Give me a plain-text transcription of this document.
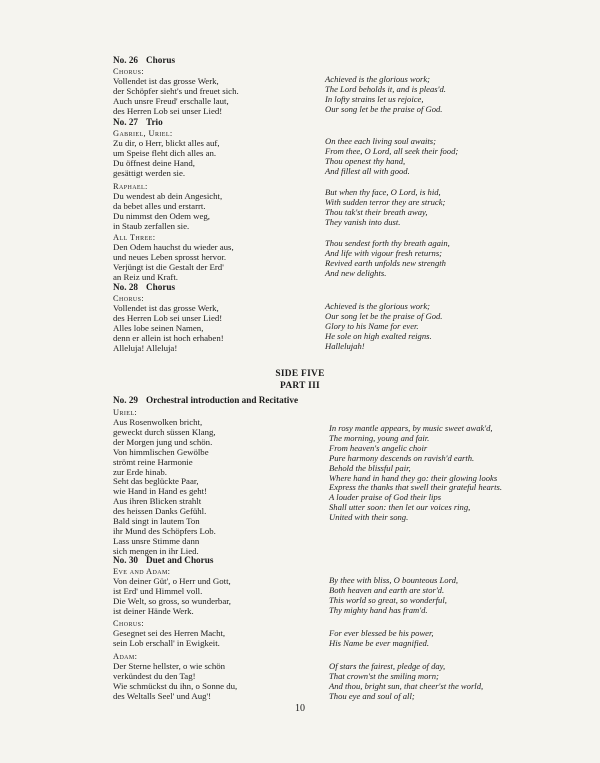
No. 26 Chorus
Chorus:
Vollendet ist das grosse Werk,
der Schöpfer sieht's und freuet sich.
Auch unsre Freud' erschalle laut,
des Herren Lob sei unser Lied!
No. 27 Trio
Gabriel, Uriel:
Zu dir, o Herr, blickt alles auf,
um Speise fleht dich alles an.
Du öffnest deine Hand,
gesättigt werden sie.
Raphael:
Du wendest ab dein Angesicht,
da bebet alles und erstarrt.
Du nimmst den Odem weg,
in Staub zerfallen sie.
All Three:
Den Odem hauchst du wieder aus,
und neues Leben sprosst hervor.
Verjüngt ist die Gestalt der Erd'
an Reiz und Kraft.
No. 28 Chorus
Chorus:
Vollendet ist das grosse Werk,
des Herren Lob sei unser Lied!
Alles lobe seinen Namen,
denn er allein ist hoch erhaben!
Alleluja! Alleluja!
No. 29 Orchestral introduction and Recitative
Uriel:
Aus Rosenwolken bricht,
geweckt durch süssen Klang,
der Morgen jung und schön.
Von himmlischen Gewölbe
strömt reine Harmonie
zur Erde hinab.
Seht das beglückte Paar,
wie Hand in Hand es geht!
Aus ihren Blicken strahlt
des heissen Danks Gefühl.
Bald singt in lautem Ton
ihr Mund des Schöpfers Lob.
Lass unsre Stimme dann
sich mengen in ihr Lied.
No. 30 Duet and Chorus
Eve and Adam:
Von deiner Güt', o Herr und Gott,
ist Erd' und Himmel voll.
Die Welt, so gross, so wunderbar,
ist deiner Hände Werk.
Chorus:
Gesegnet sei des Herren Macht,
sein Lob erschall' in Ewigkeit.
Adam:
Der Sterne hellster, o wie schön
verkündest du den Tag!
Wie schmückst du ihn, o Sonne du,
des Weltalls Seel' und Aug'!
Achieved is the glorious work;
The Lord beholds it, and is pleas'd.
In lofty strains let us rejoice,
Our song let be the praise of God.
On thee each living soul awaits;
From thee, O Lord, all seek their food;
Thou openest thy hand,
And fillest all with good.
But when thy face, O Lord, is hid,
With sudden terror they are struck;
Thou tak'st their breath away,
They vanish into dust.
Thou sendest forth thy breath again,
And life with vigour fresh returns;
Revived earth unfolds new strength
And new delights.
Achieved is the glorious work;
Our song let be the praise of God.
Glory to his Name for ever.
He sole on high exalted reigns.
Hallelujah!
SIDE FIVE
PART III
In rosy mantle appears, by music sweet awak'd,
The morning, young and fair.
From heaven's angelic choir
Pure harmony descends on ravish'd earth.
Behold the blissful pair,
Where hand in hand they go: their glowing looks
Express the thanks that swell their grateful hearts.
A louder praise of God their lips
Shall utter soon: then let our voices ring,
United with their song.
By thee with bliss, O bounteous Lord,
Both heaven and earth are stor'd.
This world so great, so wonderful,
Thy mighty hand has fram'd.
For ever blessed be his power,
His Name be ever magnified.
Of stars the fairest, pledge of day,
That crown'st the smiling morn;
And thou, bright sun, that cheer'st the world,
Thou eye and soul of all;
10
